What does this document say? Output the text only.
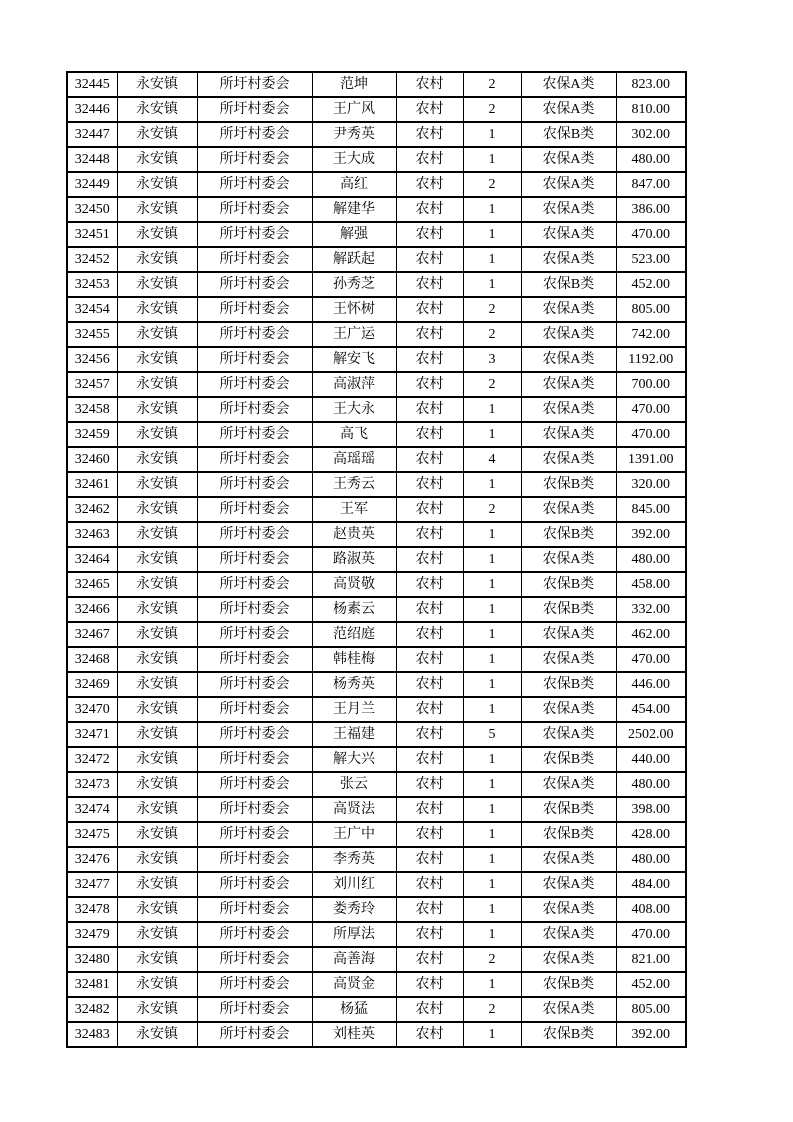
32445	永安镇	所圩村委会	范坤	农村	2	农保A类	823.00
32446	永安镇	所圩村委会	王广风	农村	2	农保A类	810.00
32447	永安镇	所圩村委会	尹秀英	农村	1	农保B类	302.00
32448	永安镇	所圩村委会	王大成	农村	1	农保A类	480.00
32449	永安镇	所圩村委会	高红	农村	2	农保A类	847.00
32450	永安镇	所圩村委会	解建华	农村	1	农保A类	386.00
32451	永安镇	所圩村委会	解强	农村	1	农保A类	470.00
32452	永安镇	所圩村委会	解跃起	农村	1	农保A类	523.00
32453	永安镇	所圩村委会	孙秀芝	农村	1	农保B类	452.00
32454	永安镇	所圩村委会	王怀树	农村	2	农保A类	805.00
32455	永安镇	所圩村委会	王广运	农村	2	农保A类	742.00
32456	永安镇	所圩村委会	解安飞	农村	3	农保A类	1192.00
32457	永安镇	所圩村委会	高淑萍	农村	2	农保A类	700.00
32458	永安镇	所圩村委会	王大永	农村	1	农保A类	470.00
32459	永安镇	所圩村委会	高飞	农村	1	农保A类	470.00
32460	永安镇	所圩村委会	高瑶瑶	农村	4	农保A类	1391.00
32461	永安镇	所圩村委会	王秀云	农村	1	农保B类	320.00
32462	永安镇	所圩村委会	王军	农村	2	农保A类	845.00
32463	永安镇	所圩村委会	赵贵英	农村	1	农保B类	392.00
32464	永安镇	所圩村委会	路淑英	农村	1	农保A类	480.00
32465	永安镇	所圩村委会	高贤敬	农村	1	农保B类	458.00
32466	永安镇	所圩村委会	杨素云	农村	1	农保B类	332.00
32467	永安镇	所圩村委会	范绍庭	农村	1	农保A类	462.00
32468	永安镇	所圩村委会	韩桂梅	农村	1	农保A类	470.00
32469	永安镇	所圩村委会	杨秀英	农村	1	农保B类	446.00
32470	永安镇	所圩村委会	王月兰	农村	1	农保A类	454.00
32471	永安镇	所圩村委会	王福建	农村	5	农保A类	2502.00
32472	永安镇	所圩村委会	解大兴	农村	1	农保B类	440.00
32473	永安镇	所圩村委会	张云	农村	1	农保A类	480.00
32474	永安镇	所圩村委会	高贤法	农村	1	农保B类	398.00
32475	永安镇	所圩村委会	王广中	农村	1	农保B类	428.00
32476	永安镇	所圩村委会	李秀英	农村	1	农保A类	480.00
32477	永安镇	所圩村委会	刘川红	农村	1	农保A类	484.00
32478	永安镇	所圩村委会	娄秀玲	农村	1	农保A类	408.00
32479	永安镇	所圩村委会	所厚法	农村	1	农保A类	470.00
32480	永安镇	所圩村委会	高善海	农村	2	农保A类	821.00
32481	永安镇	所圩村委会	高贤金	农村	1	农保B类	452.00
32482	永安镇	所圩村委会	杨猛	农村	2	农保A类	805.00
32483	永安镇	所圩村委会	刘桂英	农村	1	农保B类	392.00
